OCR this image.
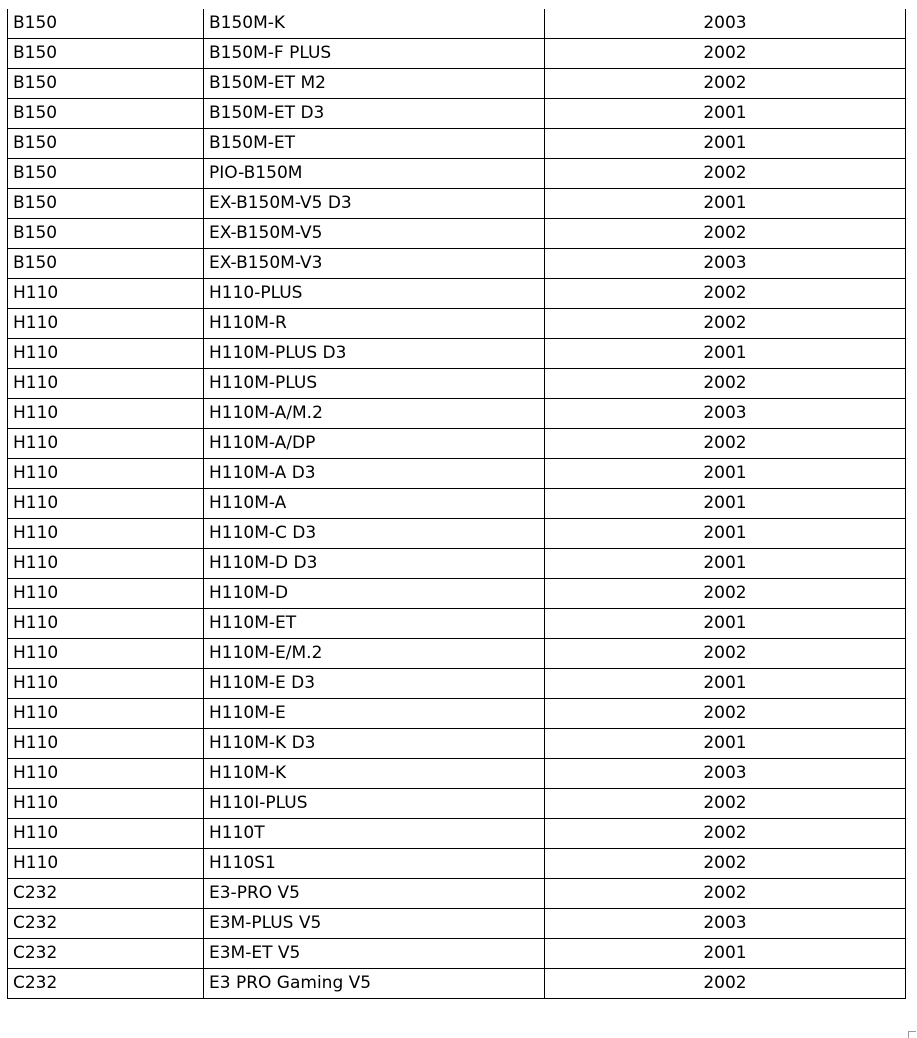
B150	B150M-K	2003
B150	B150M-F PLUS	2002
B150	B150M-ET M2	2002
B150	B150M-ET D3	2001
B150	B150M-ET	2001
B150	PIO-B150M	2002
B150	EX-B150M-V5 D3	2001
B150	EX-B150M-V5	2002
B150	EX-B150M-V3	2003
H110	H110-PLUS	2002
H110	H110M-R	2002
H110	H110M-PLUS D3	2001
H110	H110M-PLUS	2002
H110	H110M-A/M.2	2003
H110	H110M-A/DP	2002
H110	H110M-A D3	2001
H110	H110M-A	2001
H110	H110M-C D3	2001
H110	H110M-D D3	2001
H110	H110M-D	2002
H110	H110M-ET	2001
H110	H110M-E/M.2	2002
H110	H110M-E D3	2001
H110	H110M-E	2002
H110	H110M-K D3	2001
H110	H110M-K	2003
H110	H110I-PLUS	2002
H110	H110T	2002
H110	H110S1	2002
C232	E3-PRO V5	2002
C232	E3M-PLUS V5	2003
C232	E3M-ET V5	2001
C232	E3 PRO Gaming V5	2002
